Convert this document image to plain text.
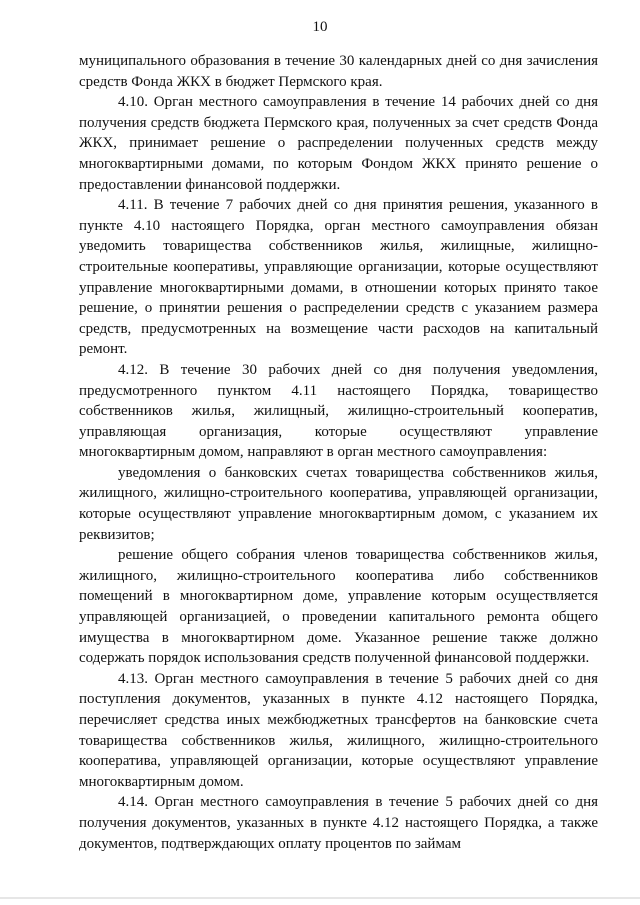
10

муниципального образования в течение 30 календарных дней со дня зачисления средств Фонда ЖКХ в бюджет Пермского края.

4.10. Орган местного самоуправления в течение 14 рабочих дней со дня получения средств бюджета Пермского края, полученных за счет средств Фонда ЖКХ, принимает решение о распределении полученных средств между многоквартирными домами, по которым Фондом ЖКХ принято решение о предоставлении финансовой поддержки.

4.11. В течение 7 рабочих дней со дня принятия решения, указанного в пункте 4.10 настоящего Порядка, орган местного самоуправления обязан уведомить товарищества собственников жилья, жилищные, жилищно-строительные кооперативы, управляющие организации, которые осуществляют управление многоквартирными домами, в отношении которых принято такое решение, о принятии решения о распределении средств с указанием размера средств, предусмотренных на возмещение части расходов на капитальный ремонт.

4.12. В течение 30 рабочих дней со дня получения уведомления, предусмотренного пунктом 4.11 настоящего Порядка, товарищество собственников жилья, жилищный, жилищно-строительный кооператив, управляющая организация, которые осуществляют управление многоквартирным домом, направляют в орган местного самоуправления:

уведомления о банковских счетах товарищества собственников жилья, жилищного, жилищно-строительного кооператива, управляющей организации, которые осуществляют управление многоквартирным домом, с указанием их реквизитов;

решение общего собрания членов товарищества собственников жилья, жилищного, жилищно-строительного кооператива либо собственников помещений в многоквартирном доме, управление которым осуществляется управляющей организацией, о проведении капитального ремонта общего имущества в многоквартирном доме. Указанное решение также должно содержать порядок использования средств полученной финансовой поддержки.

4.13. Орган местного самоуправления в течение 5 рабочих дней со дня поступления документов, указанных в пункте 4.12 настоящего Порядка, перечисляет средства иных межбюджетных трансфертов на банковские счета товарищества собственников жилья, жилищного, жилищно-строительного кооператива, управляющей организации, которые осуществляют управление многоквартирным домом.

4.14. Орган местного самоуправления в течение 5 рабочих дней со дня получения документов, указанных в пункте 4.12 настоящего Порядка, а также документов, подтверждающих оплату процентов по займам
